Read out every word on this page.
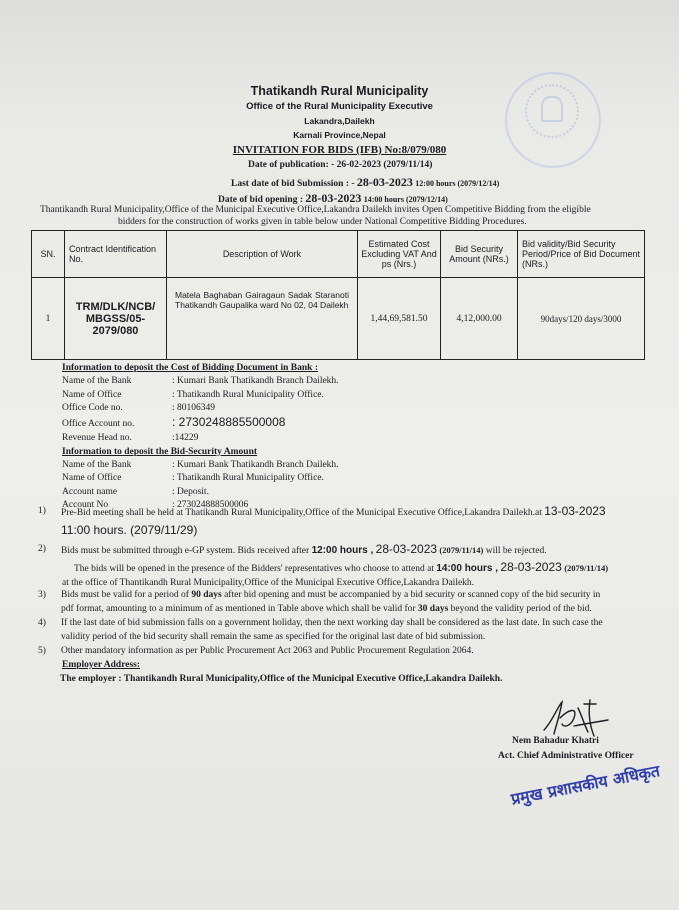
Thatikandh Rural Municipality
Office of the Rural Municipality Executive
Lakandra,Dailekh
Karnali Province,Nepal
INVITATION FOR BIDS (IFB) No:8/079/080
Date of publication: - 26-02-2023 (2079/11/14)
Last date of bid Submission : - 28-03-2023 12:00 hours (2079/12/14)
Date of bid opening : 28-03-2023 14:00 hours (2079/12/14)
Thantikandh Rural Municipality,Office of the Municipal Executive Office,Lakandra Dailekh invites Open Competitive Bidding from the eligible
bidders for the construction of works given in table below under National Competitive Bidding Procedures.
SN.	Contract Identification No.	Description of Work	Estimated Cost Excluding VAT And ps (Nrs.)	Bid Security Amount (NRs.)	Bid validity/Bid Security Period/Price of Bid Document (NRs.)
1	TRM/DLK/NCB/ MBGSS/05- 2079/080	Matela Baghaban Gairagaun Sadak Staranoti Thatikandh Gaupalika ward No 02, 04 Dailekh	1,44,69,581.50	4,12,000.00	90days/120 days/3000
Information to deposit the Cost of Bidding Document in Bank :
Name of the Bank	: Kumari Bank Thatikandh Branch Dailekh.
Name of Office	: Thatikandh Rural Municipality Office.
Office Code no.	: 80106349
Office Account no.	: 273024888550000​8
Revenue Head no.	:14229
Information to deposit the Bid-Security Amount
Name of the Bank	: Kumari Bank Thatikandh Branch Dailekh.
Name of Office	: Thatikandh Rural Municipality Office.
Account name	: Deposit.
Account No	: 2730248885​00006
1) Pre-Bid meeting shall be held at Thatikandh Rural Municipality,Office of the Municipal Executive Office,Lakandra Dailekh.at 13-03-2023
11:00 hours. (2079/11/29)
2) Bids must be submitted through e-GP system. Bids received after 12:00 hours , 28-03-2023 (2079/11/14) will be rejected.
The bids will be opened in the presence of the Bidders' representatives who choose to attend at 14:00 hours , 28-03-2023 (2079/11/14)
at the office of Thantikandh Rural Municipality,Office of the Municipal Executive Office,Lakandra Dailekh.
3) Bids must be valid for a period of 90 days after bid opening and must be accompanied by a bid security or scanned copy of the bid security in
pdf format, amounting to a minimum of as mentioned in Table above which shall be valid for 30 days beyond the validity period of the bid.
4) If the last date of bid submission falls on a government holiday, then the next working day shall be considered as the last date. In such case the
validity period of the bid security shall remain the same as specified for the original last date of bid submission.
5) Other mandatory information as per Public Procurement Act 2063 and Public Procurement Regulation 2064.
Employer Address:
The employer : Thantikandh Rural Municipality,Office of the Municipal Executive Office,Lakandra Dailekh.
Nem Bahadur Khatri
Act. Chief Administrative Officer
प्रमुख प्रशासकीय अधिकृत
